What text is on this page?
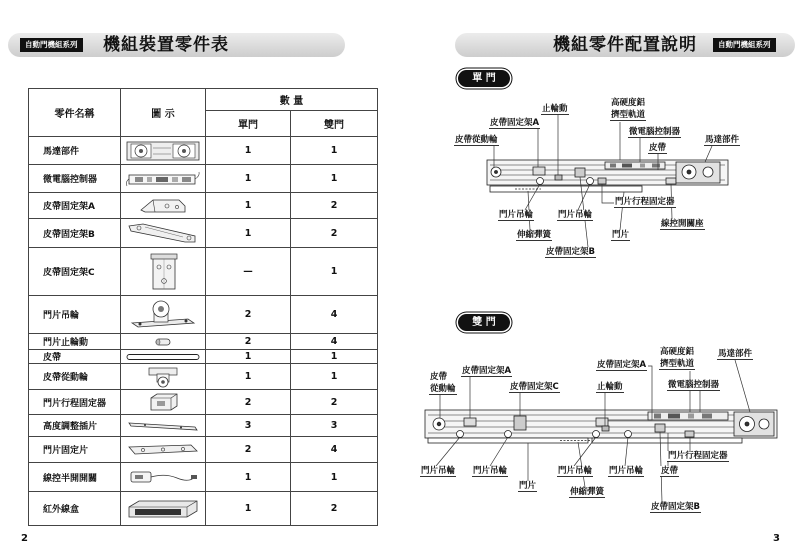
自動門機組系列 機組裝置零件表
零件名稱	圖 示	數 量	
		單門	雙門
馬達部件		1	1
微電腦控制器		1	1
皮帶固定架A		1	2
皮帶固定架B		1	2
皮帶固定架C		—	1
門片吊輪		2	4
門片止輪動		2	4
皮帶		1	1
皮帶從動輪		1	1
門片行程固定器		2	2
高度調整插片		3	3
門片固定片		2	4
線控半開開關		1	1
紅外線盒		1	2
2
機組零件配置說明	自動門機組系列
單 門
雙 門
止輪動
高硬度鋁
擠型軌道
皮帶固定架A
微電腦控制器
皮帶從動輪
皮帶
馬達部件
門片行程固定器
門片吊輪	門片吊輪
線控開關座
伸縮彈簧	門片
皮帶固定架B
高硬度鋁
擠型軌道
馬達部件
皮帶固定架A
皮帶固定架A
皮帶
從動輪	皮帶固定架C	止輪動	微電腦控制器
門片行程固定器
門片吊輪 門片吊輪	門片吊輪 門片吊輪 皮帶
門片
伸縮彈簧
皮帶固定架B
3
